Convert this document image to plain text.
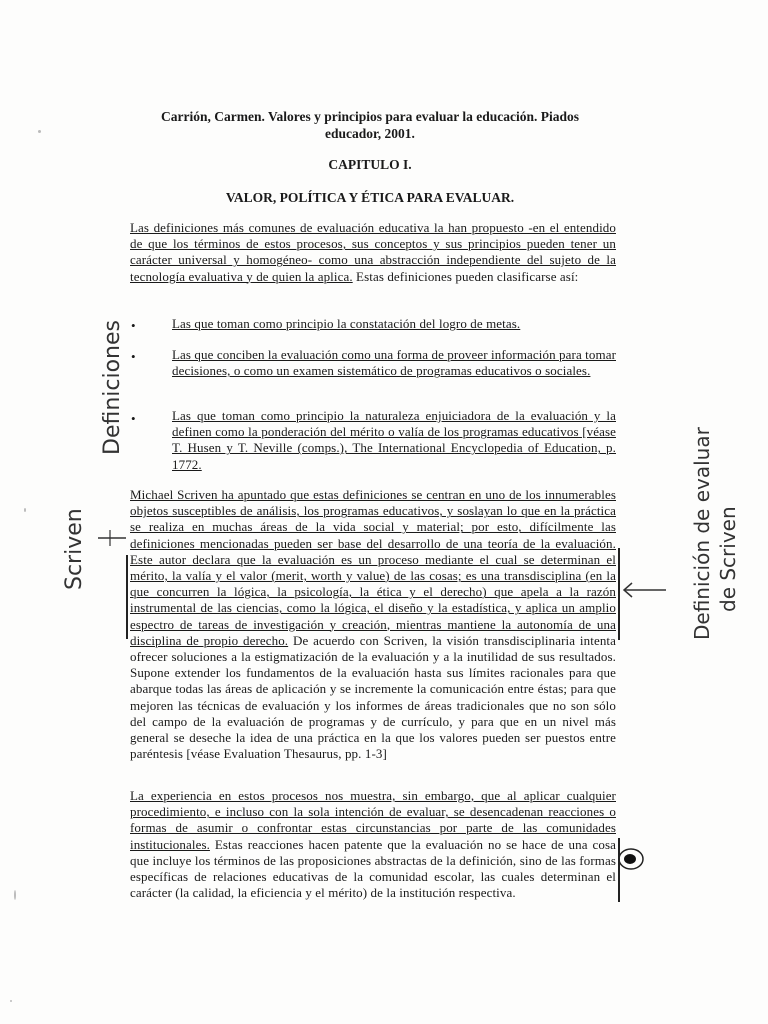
Carrión, Carmen. Valores y principios para evaluar la educación. Piados
educador, 2001.
CAPITULO I.
VALOR, POLÍTICA Y ÉTICA PARA EVALUAR.
Las definiciones más comunes de evaluación educativa la han propuesto -en el entendido de que los términos de estos procesos, sus conceptos y sus principios pueden tener un carácter universal y homogéneo- como una abstracción independiente del sujeto de la tecnología evaluativa y de quien la aplica. Estas definiciones pueden clasificarse así:
•	Las que toman como principio la constatación del logro de metas.
•	Las que conciben la evaluación como una forma de proveer información para tomar decisiones, o como un examen sistemático de programas educativos o sociales.
•	Las que toman como principio la naturaleza enjuiciadora de la evaluación y la definen como la ponderación del mérito o valía de los programas educativos [véase T. Husen y T. Neville (comps.), The International Encyclopedia of Education, p. 1772.
Michael Scriven ha apuntado que estas definiciones se centran en uno de los innumerables objetos susceptibles de análisis, los programas educativos, y soslayan lo que en la práctica se realiza en muchas áreas de la vida social y material; por esto, difícilmente las definiciones mencionadas pueden ser base del desarrollo de una teoría de la evaluación. Este autor declara que la evaluación es un proceso mediante el cual se determinan el mérito, la valía y el valor (merit, worth y value) de las cosas; es una transdisciplina (en la que concurren la lógica, la psicología, la ética y el derecho) que apela a la razón instrumental de las ciencias, como la lógica, el diseño y la estadística, y aplica un amplio espectro de tareas de investigación y creación, mientras mantiene la autonomía de una disciplina de propio derecho. De acuerdo con Scriven, la visión transdisciplinaria intenta ofrecer soluciones a la estigmatización de la evaluación y a la inutilidad de sus resultados. Supone extender los fundamentos de la evaluación hasta sus límites racionales para que abarque todas las áreas de aplicación y se incremente la comunicación entre éstas; para que mejoren las técnicas de evaluación y los informes de áreas tradicionales que no son sólo del campo de la evaluación de programas y de currículo, y para que en un nivel más general se deseche la idea de una práctica en la que los valores pueden ser puestos entre paréntesis [véase Evaluation Thesaurus, pp. 1-3]
La experiencia en estos procesos nos muestra, sin embargo, que al aplicar cualquier procedimiento, e incluso con la sola intención de evaluar, se desencadenan reacciones o formas de asumir o confrontar estas circunstancias por parte de las comunidades institucionales. Estas reacciones hacen patente que la evaluación no se hace de una cosa que incluye los términos de las proposiciones abstractas de la definición, sino de las formas específicas de relaciones educativas de la comunidad escolar, las cuales determinan el carácter (la calidad, la eficiencia y el mérito) de la institución respectiva.
Definiciones
Scriven	Definición de evaluar de Scriven
